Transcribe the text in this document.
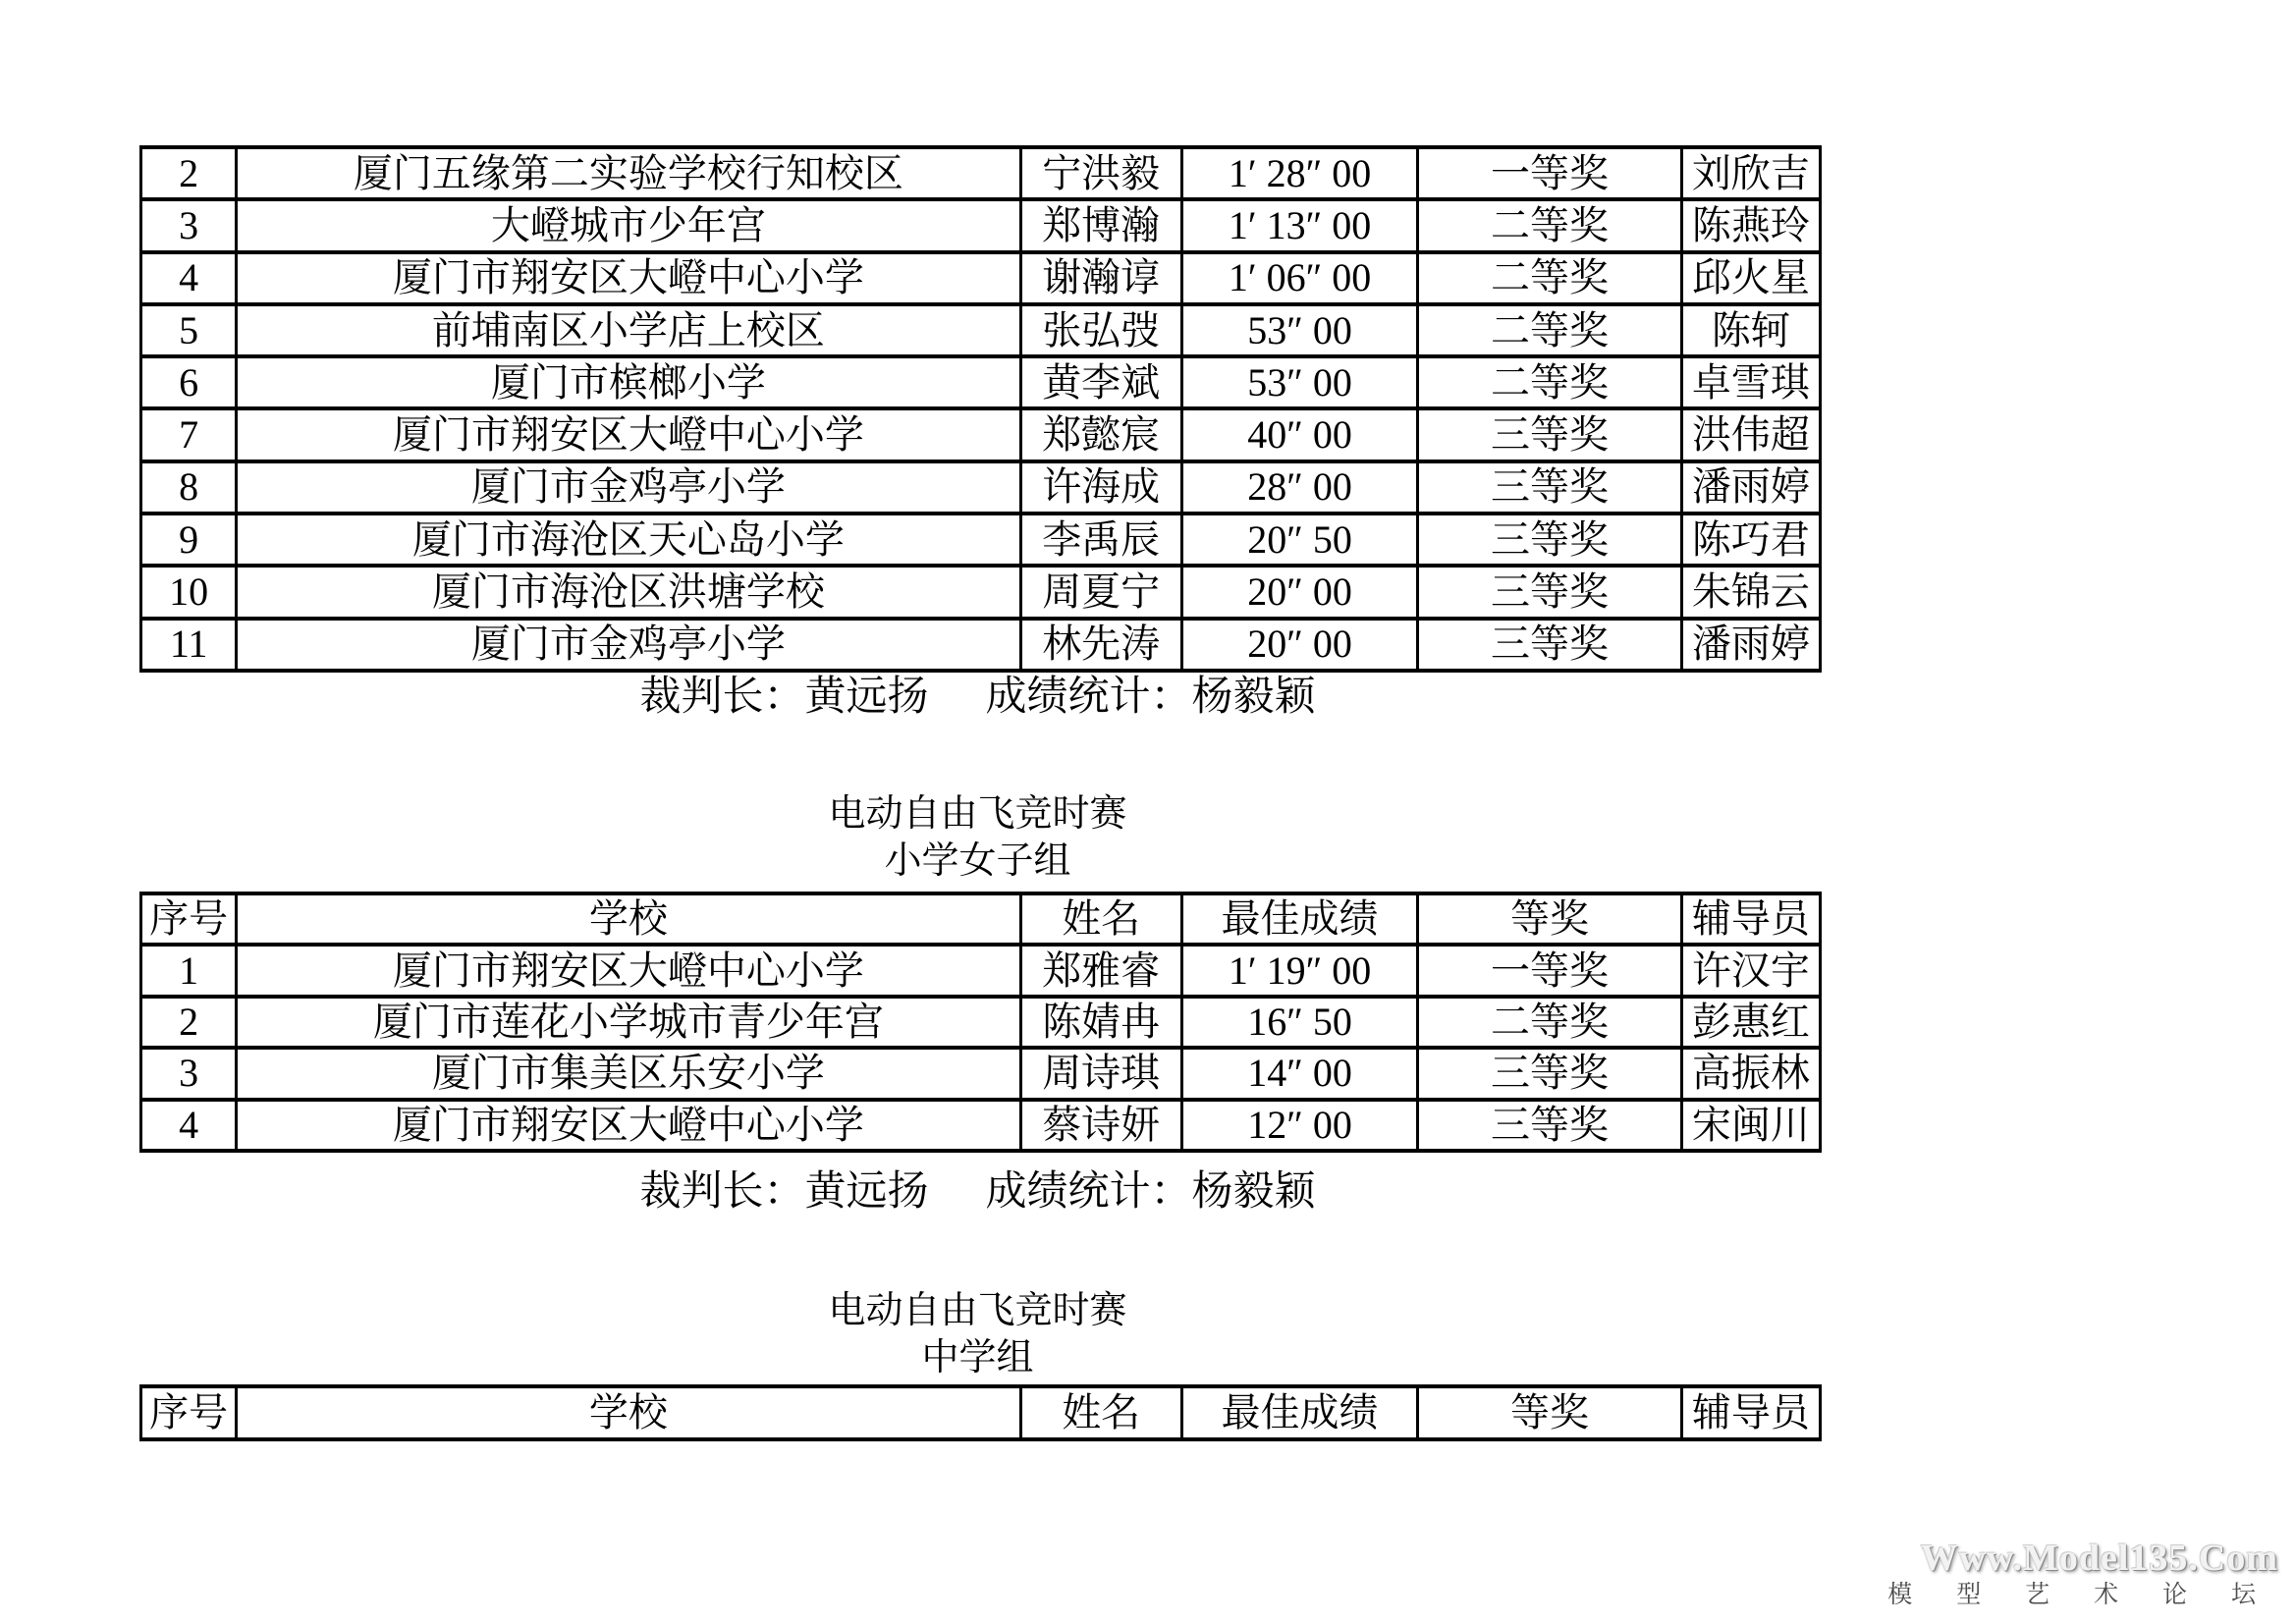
2	厦门五缘第二实验学校行知校区	宁洪毅	1′ 28″ 00	一等奖	刘欣吉
3	大嶝城市少年宫	郑博瀚	1′ 13″ 00	二等奖	陈燕玲
4	厦门市翔安区大嶝中心小学	谢瀚谆	1′ 06″ 00	二等奖	邱火星
5	前埔南区小学店上校区	张弘弢	53″ 00	二等奖	陈轲
6	厦门市槟榔小学	黄李斌	53″ 00	二等奖	卓雪琪
7	厦门市翔安区大嶝中心小学	郑懿宸	40″ 00	三等奖	洪伟超
8	厦门市金鸡亭小学	许海成	28″ 00	三等奖	潘雨婷
9	厦门市海沧区天心岛小学	李禹辰	20″ 50	三等奖	陈巧君
10	厦门市海沧区洪塘学校	周夏宁	20″ 00	三等奖	朱锦云
11	厦门市金鸡亭小学	林先涛	20″ 00	三等奖	潘雨婷
裁判长：黄远扬 成绩统计：杨毅颖
电动自由飞竞时赛
小学女子组
序号	学校	姓名	最佳成绩	等奖	辅导员
1	厦门市翔安区大嶝中心小学	郑雅睿	1′ 19″ 00	一等奖	许汉宇
2	厦门市莲花小学城市青少年宫	陈婧冉	16″ 50	二等奖	彭惠红
3	厦门市集美区乐安小学	周诗琪	14″ 00	三等奖	高振林
4	厦门市翔安区大嶝中心小学	蔡诗妍	12″ 00	三等奖	宋闽川
裁判长：黄远扬 成绩统计：杨毅颖
电动自由飞竞时赛
中学组
序号	学校	姓名	最佳成绩	等奖	辅导员
Www.Model135.Com
模 型 艺 术 论 坛
